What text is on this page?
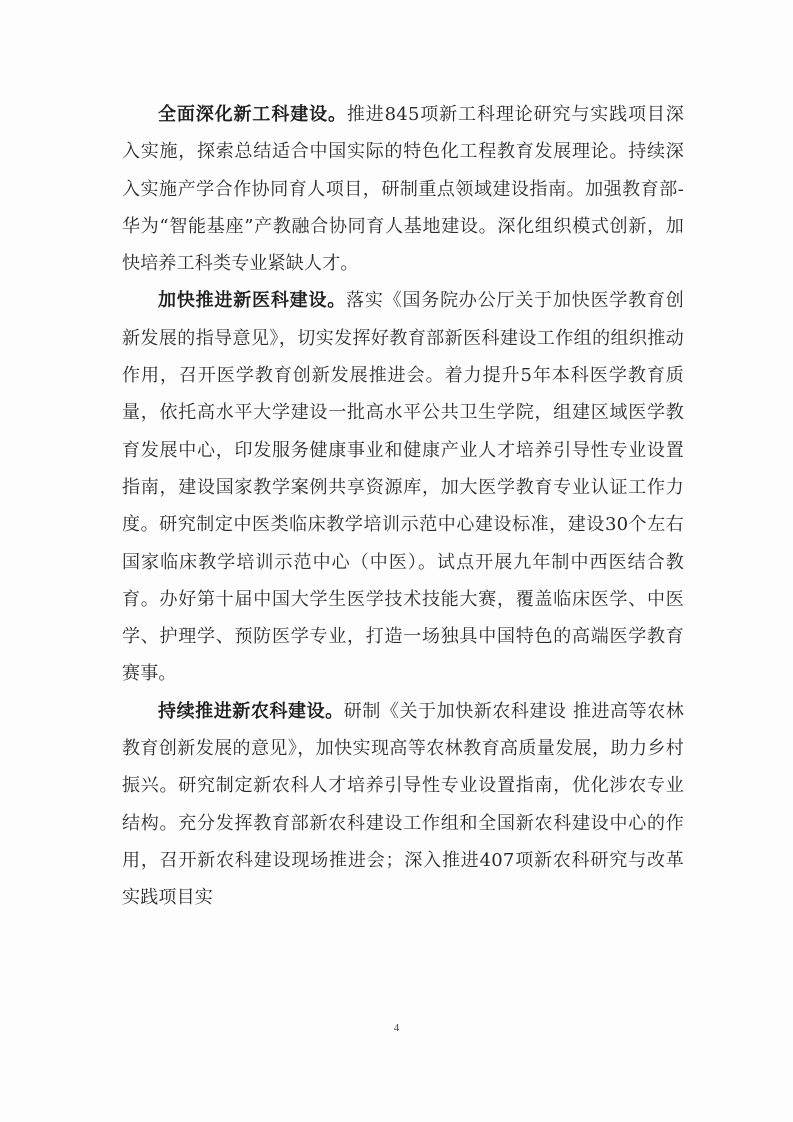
全面深化新工科建设。推进845项新工科理论研究与实践项目深入实施，探索总结适合中国实际的特色化工程教育发展理论。持续深入实施产学合作协同育人项目，研制重点领域建设指南。加强教育部-华为“智能基座”产教融合协同育人基地建设。深化组织模式创新，加快培养工科类专业紧缺人才。

加快推进新医科建设。落实《国务院办公厅关于加快医学教育创新发展的指导意见》，切实发挥好教育部新医科建设工作组的组织推动作用，召开医学教育创新发展推进会。着力提升5年本科医学教育质量，依托高水平大学建设一批高水平公共卫生学院，组建区域医学教育发展中心，印发服务健康事业和健康产业人才培养引导性专业设置指南，建设国家教学案例共享资源库，加大医学教育专业认证工作力度。研究制定中医类临床教学培训示范中心建设标准，建设30个左右国家临床教学培训示范中心（中医）。试点开展九年制中西医结合教育。办好第十届中国大学生医学技术技能大赛，覆盖临床医学、中医学、护理学、预防医学专业，打造一场独具中国特色的高端医学教育赛事。

持续推进新农科建设。研制《关于加快新农科建设 推进高等农林教育创新发展的意见》，加快实现高等农林教育高质量发展，助力乡村振兴。研究制定新农科人才培养引导性专业设置指南，优化涉农专业结构。充分发挥教育部新农科建设工作组和全国新农科建设中心的作用，召开新农科建设现场推进会；深入推进407项新农科研究与改革实践项目实

4
